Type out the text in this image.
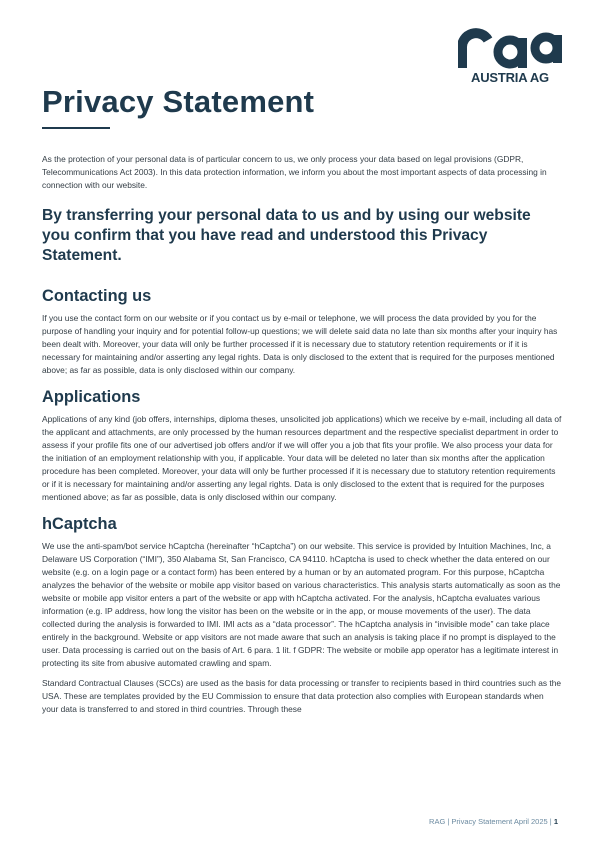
AUSTRIA AG
Privacy Statement

As the protection of your personal data is of particular concern to us, we only process your data based on legal provisions (GDPR, Telecommunications Act 2003). In this data protection information, we inform you about the most important aspects of data processing in connection with our website.

By transferring your personal data to us and by using our website you confirm that you have read and understood this Privacy Statement.
Contacting us

If you use the contact form on our website or if you contact us by e-mail or telephone, we will process the data provided by you for the purpose of handling your inquiry and for potential follow-up questions; we will delete said data no late than six months after your inquiry has been dealt with. Moreover, your data will only be further processed if it is necessary due to statutory retention requirements or if it is necessary for maintaining and/or asserting any legal rights. Data is only disclosed to the extent that is required for the purposes mentioned above; as far as possible, data is only disclosed within our company.

Applications

Applications of any kind (job offers, internships, diploma theses, unsolicited job applications) which we receive by e-mail, including all data of the applicant and attachments, are only processed by the human resources department and the respective specialist department in order to assess if your profile fits one of our advertised job offers and/or if we will offer you a job that fits your profile. We also process your data for the initiation of an employment relationship with you, if applicable. Your data will be deleted no later than six months after the application procedure has been completed. Moreover, your data will only be further processed if it is necessary due to statutory retention requirements or if it is necessary for maintaining and/or asserting any legal rights. Data is only disclosed to the extent that is required for the purposes mentioned above; as far as possible, data is only disclosed within our company.

hCaptcha

We use the anti-spam/bot service hCaptcha (hereinafter “hCaptcha”) on our website. This service is provided by Intuition Machines, Inc, a Delaware US Corporation (“IMI”), 350 Alabama St, San Francisco, CA 94110. hCaptcha is used to check whether the data entered on our website (e.g. on a login page or a contact form) has been entered by a human or by an automated program. For this purpose, hCaptcha analyzes the behavior of the website or mobile app visitor based on various characteristics. This analysis starts automatically as soon as the website or mobile app visitor enters a part of the website or app with hCaptcha activated. For the analysis, hCaptcha evaluates various information (e.g. IP address, how long the visitor has been on the website or in the app, or mouse movements of the user). The data collected during the analysis is forwarded to IMI. IMI acts as a “data processor”. The hCaptcha analysis in “invisible mode” can take place entirely in the background. Website or app visitors are not made aware that such an analysis is taking place if no prompt is displayed to the user. Data processing is carried out on the basis of Art. 6 para. 1 lit. f GDPR: The website or mobile app operator has a legitimate interest in protecting its site from abusive automated crawling and spam.

Standard Contractual Clauses (SCCs) are used as the basis for data processing or transfer to recipients based in third countries such as the USA. These are templates provided by the EU Commission to ensure that data protection also complies with European standards when your data is transferred to and stored in third countries. Through these

RAG | Privacy Statement April 2025 | 1
